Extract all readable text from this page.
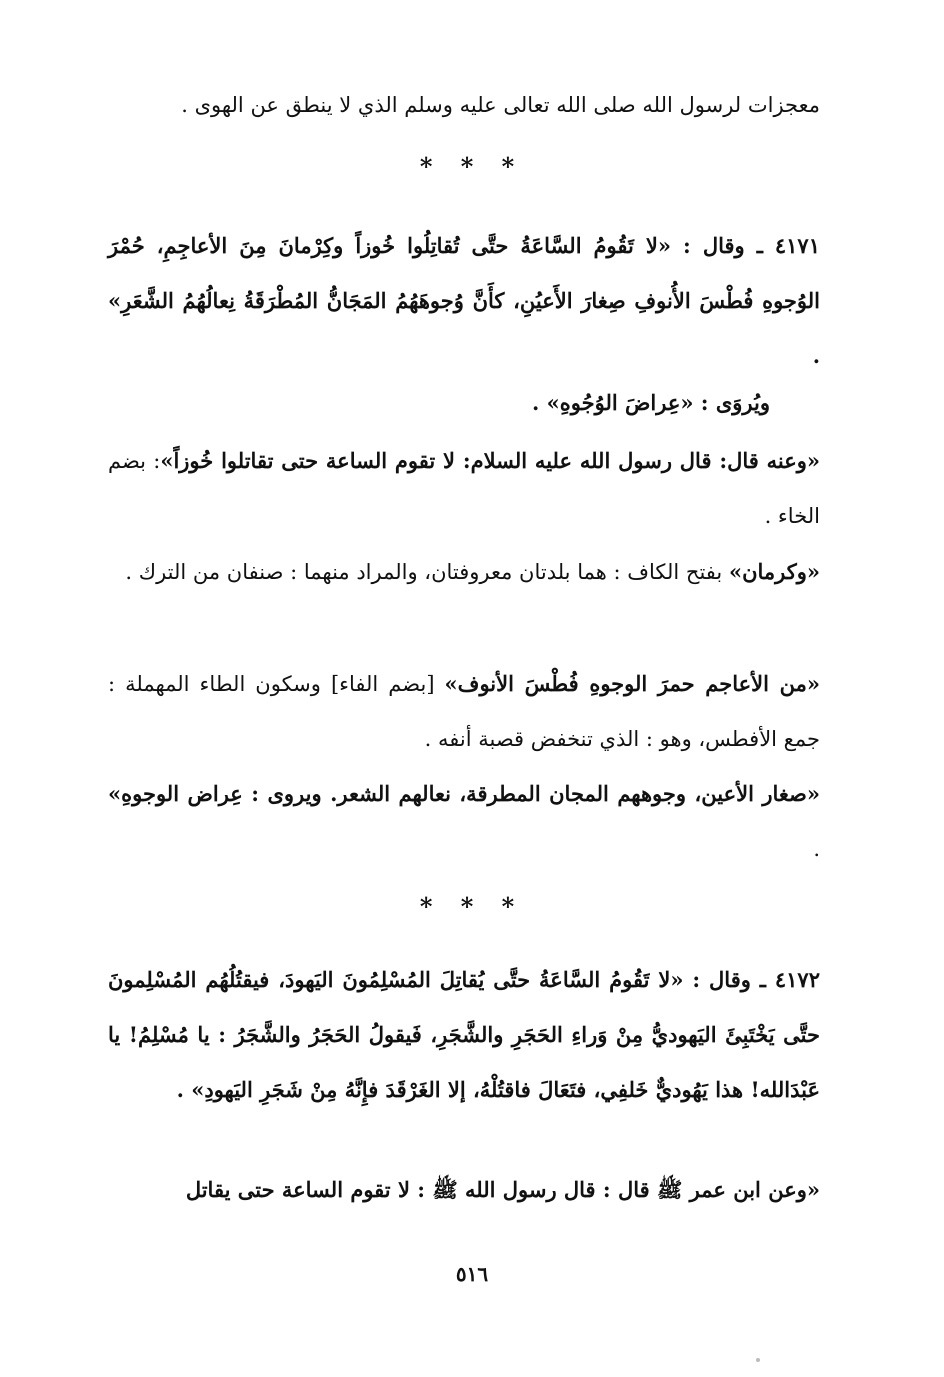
معجزات لرسول الله صلى الله تعالى عليه وسلم الذي لا ينطق عن الهوى .
* * *
٤١٧١ ـ وقال : «لا تَقُومُ السَّاعَةُ حتَّى تُقاتِلُوا خُوزاً وكِرْمانَ مِنَ الأعاجِمِ، حُمْرَ الوُجوهِ فُطْسَ الأُنوفِ صِغارَ الأَعيُنِ، كأَنَّ وُجوهَهُمُ المَجَانُّ المُطْرَقَةُ نِعالُهُمُ الشَّعَرِ» .
ويُروَى : «عِراضَ الوُجُوهِ» .
«وعنه قال: قال رسول الله عليه السلام: لا تقوم الساعة حتى تقاتلوا خُوزاً»: بضم الخاء .
«وكرمان» بفتح الكاف : هما بلدتان معروفتان، والمراد منهما : صنفان من الترك .
«من الأعاجم حمرَ الوجوهِ فُطْسَ الأنوف» [بضم الفاء] وسكون الطاء المهملة : جمع الأفطس، وهو : الذي تنخفض قصبة أنفه .
«صغار الأعين، وجوههم المجان المطرقة، نعالهم الشعر. ويروى : عِراض الوجوهِ» .
* * *
٤١٧٢ ـ وقال : «لا تَقُومُ السَّاعَةُ حتَّى يُقاتِلَ المُسْلِمُونَ اليَهودَ، فيقتُلُهُم المُسْلِمونَ حتَّى يَخْتَبِئَ اليَهوديُّ مِنْ وَراءِ الحَجَرِ والشَّجَرِ، فَيقولُ الحَجَرُ والشَّجَرُ : يا مُسْلِمُ! يا عَبْدَالله! هذا يَهُوديٌّ خَلفِي، فتَعَالَ فاقتُلْهُ، إلا الغَرْقَدَ فإِنَّهُ مِنْ شَجَرِ اليَهودِ» .
«وعن ابن عمر ﷺ قال : قال رسول الله ﷺ : لا تقوم الساعة حتى يقاتل
٥١٦
